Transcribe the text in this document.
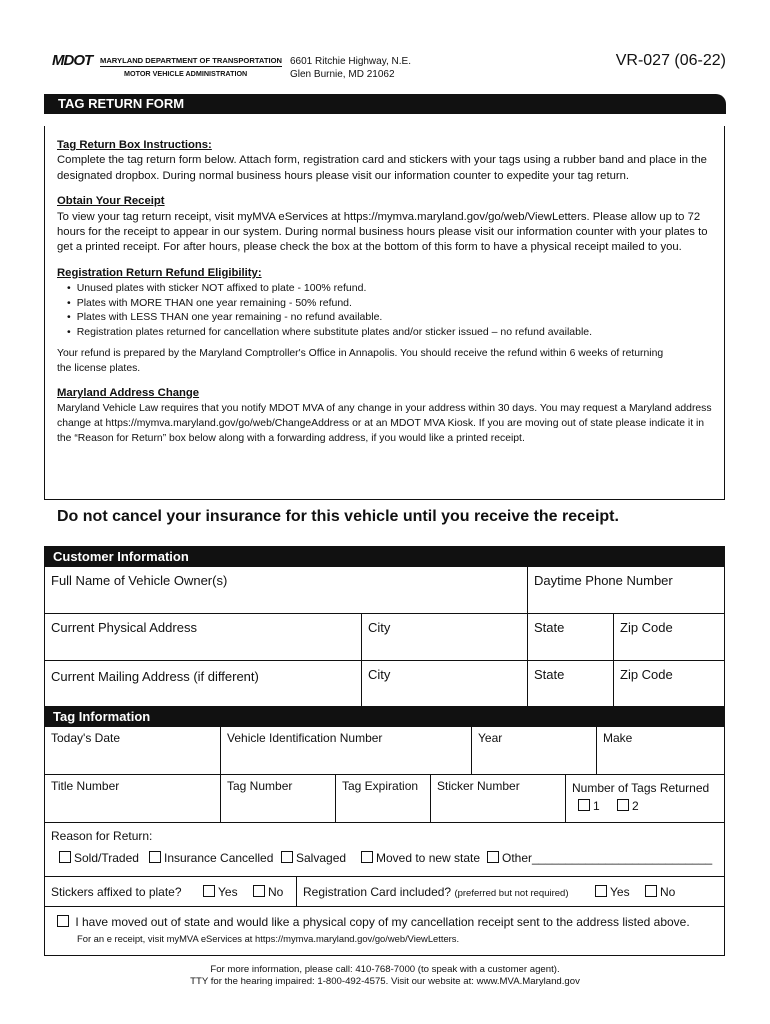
MDOT MARYLAND DEPARTMENT OF TRANSPORTATION
MOTOR VEHICLE ADMINISTRATION
6601 Ritchie Highway, N.E.
Glen Burnie, MD 21062
VR-027 (06-22)
TAG RETURN FORM
Tag Return Box Instructions:

Complete the tag return form below. Attach form, registration card and stickers with your tags using a rubber band and place in the designated dropbox. During normal business hours please visit our information counter to expedite your tag return.

Obtain Your Receipt

To view your tag return receipt, visit myMVA eServices at https://mymva.maryland.gov/go/web/ViewLetters. Please allow up to 72 hours for the receipt to appear in our system. During normal business hours please visit our information counter with your plates to get a printed receipt. For after hours, please check the box at the bottom of this form to have a physical receipt mailed to you.

Registration Return Refund Eligibility:
• Unused plates with sticker NOT affixed to plate - 100% refund.
• Plates with MORE THAN one year remaining - 50% refund.
• Plates with LESS THAN one year remaining - no refund available.
• Registration plates returned for cancellation where substitute plates and/or sticker issued – no refund available.

Your refund is prepared by the Maryland Comptroller's Office in Annapolis. You should receive the refund within 6 weeks of returning the license plates.

Maryland Address Change

Maryland Vehicle Law requires that you notify MDOT MVA of any change in your address within 30 days. You may request a Maryland address change at https://mymva.maryland.gov/go/web/ChangeAddress or at an MDOT MVA Kiosk. If you are moving out of state please indicate it in the “Reason for Return” box below along with a forwarding address, if you would like a printed receipt.

Do not cancel your insurance for this vehicle until you receive the receipt.
Customer Information
Full Name of Vehicle Owner(s)	Daytime Phone Number
Current Physical Address	City	State	Zip Code
Current Mailing Address (if different)	City	State	Zip Code
Tag Information
Today's Date	Vehicle Identification Number	Year	Make
Title Number	Tag Number	Tag Expiration	Sticker Number	Number of Tags Returned
1	2
Reason for Return:
Sold/Traded	Insurance Cancelled	Salvaged	Moved to new state	Other___________________________
Stickers affixed to plate?	Yes	No Registration Card included? (preferred but not required)	Yes	No
I have moved out of state and would like a physical copy of my cancellation receipt sent to the address listed above.
For an e receipt, visit myMVA eServices at https://mymva.maryland.gov/go/web/ViewLetters.
For more information, please call: 410-768-7000 (to speak with a customer agent).
TTY for the hearing impaired: 1-800-492-4575. Visit our website at: www.MVA.Maryland.gov
